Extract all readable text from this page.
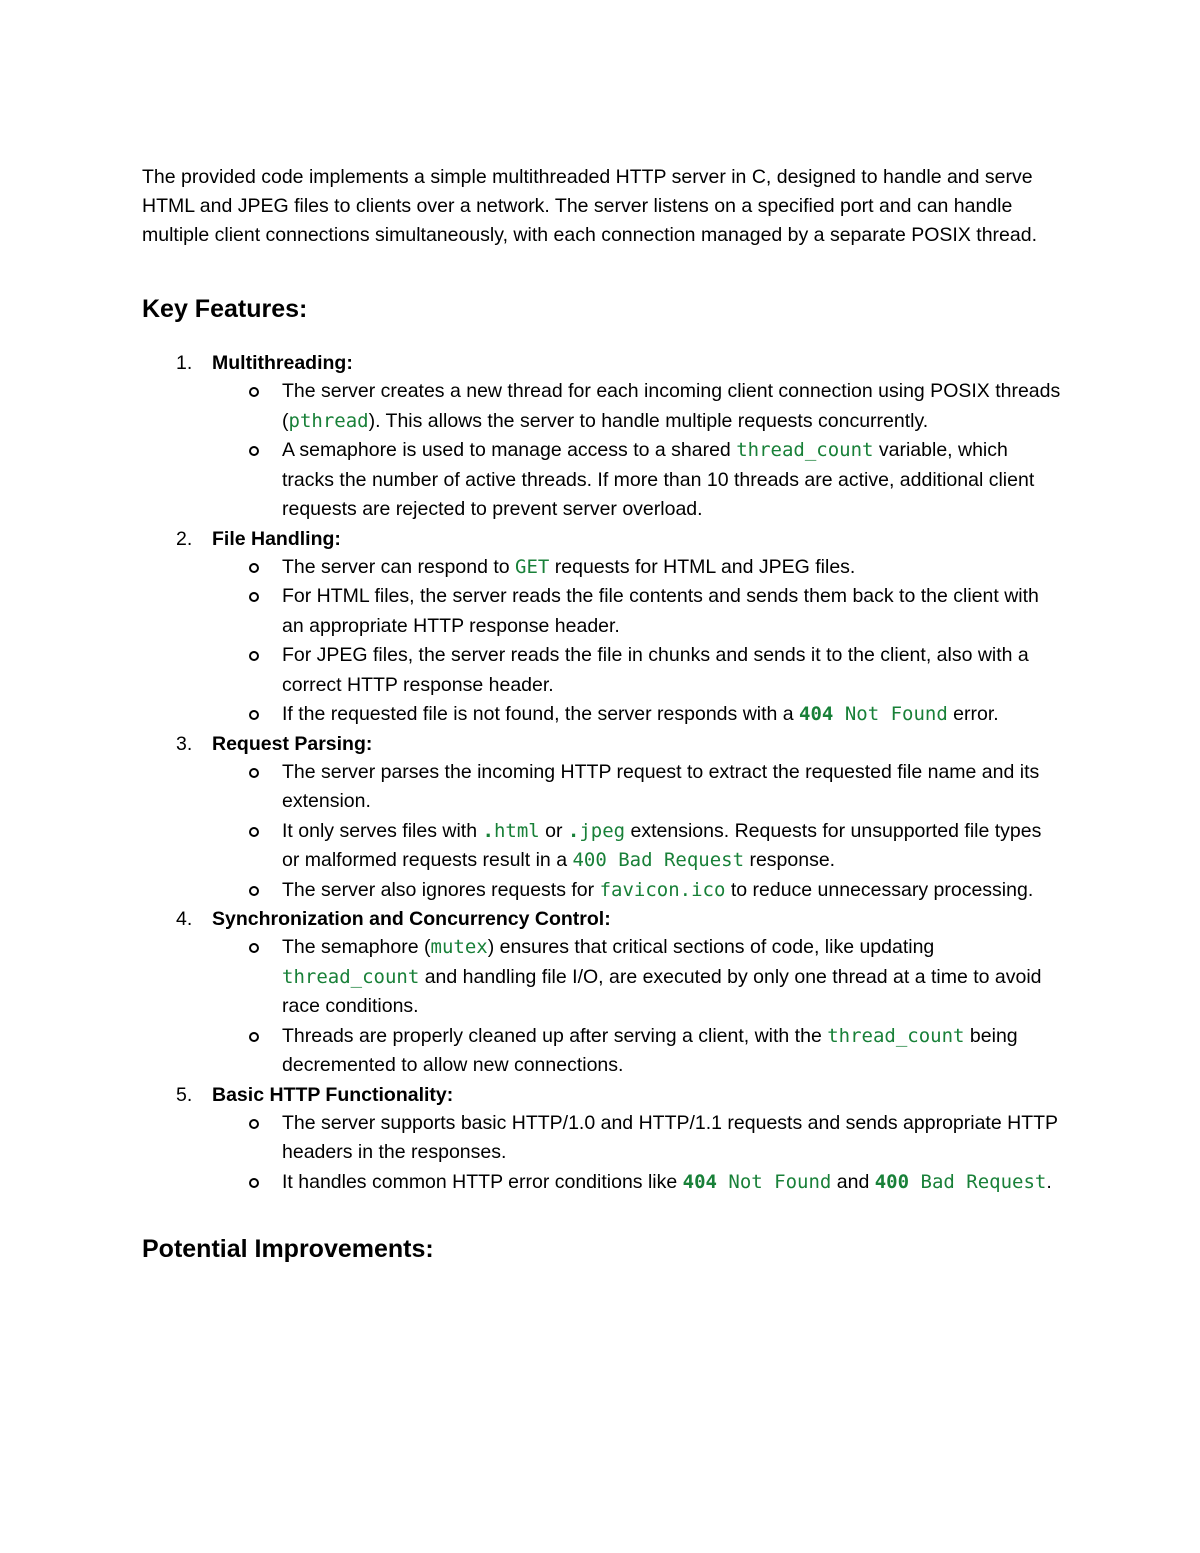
The provided code implements a simple multithreaded HTTP server in C, designed to handle and serve HTML and JPEG files to clients over a network. The server listens on a specified port and can handle multiple client connections simultaneously, with each connection managed by a separate POSIX thread.

Key Features:
1. Multithreading:
The server creates a new thread for each incoming client connection using POSIX threads (pthread). This allows the server to handle multiple requests concurrently.
A semaphore is used to manage access to a shared thread_count variable, which tracks the number of active threads. If more than 10 threads are active, additional client requests are rejected to prevent server overload.
2. File Handling:
The server can respond to GET requests for HTML and JPEG files.
For HTML files, the server reads the file contents and sends them back to the client with an appropriate HTTP response header.
For JPEG files, the server reads the file in chunks and sends it to the client, also with a correct HTTP response header.
If the requested file is not found, the server responds with a 404 Not Found error.
3. Request Parsing:
The server parses the incoming HTTP request to extract the requested file name and its extension.
It only serves files with .html or .jpeg extensions. Requests for unsupported file types or malformed requests result in a 400 Bad Request response.
The server also ignores requests for favicon.ico to reduce unnecessary processing.
4. Synchronization and Concurrency Control:
The semaphore (mutex) ensures that critical sections of code, like updating thread_count and handling file I/O, are executed by only one thread at a time to avoid race conditions.
Threads are properly cleaned up after serving a client, with the thread_count being decremented to allow new connections.
5. Basic HTTP Functionality:
The server supports basic HTTP/1.0 and HTTP/1.1 requests and sends appropriate HTTP headers in the responses.
It handles common HTTP error conditions like 404 Not Found and 400 Bad Request.
Potential Improvements:
